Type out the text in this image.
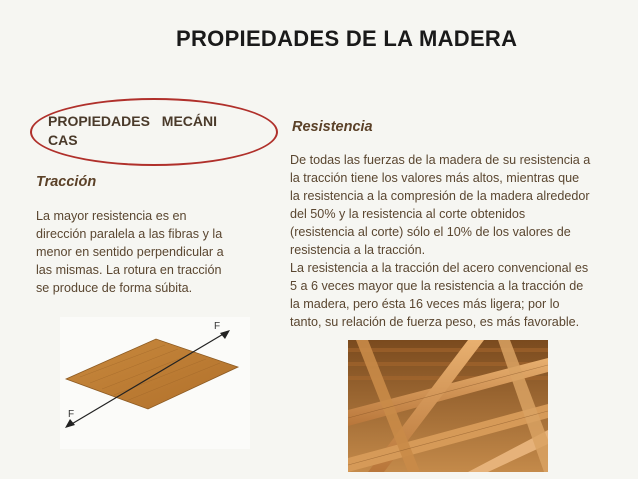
PROPIEDADES DE LA MADERA
PROPIEDADES MECÁNI CAS
Tracción
La mayor resistencia es en
dirección paralela a las fibras y la
menor en sentido perpendicular a
las mismas. La rotura en tracción
se produce de forma súbita.
F
F
Resistencia
De todas las fuerzas de la madera de su resistencia a
la tracción tiene los valores más altos, mientras que
la resistencia a la compresión de la madera alrededor
del 50% y la resistencia al corte obtenidos
(resistencia al corte) sólo el 10% de los valores de
resistencia a la tracción.
La resistencia a la tracción del acero convencional es
5 a 6 veces mayor que la resistencia a la tracción de
la madera, pero ésta 16 veces más ligera; por lo
tanto, su relación de fuerza peso, es más favorable.
